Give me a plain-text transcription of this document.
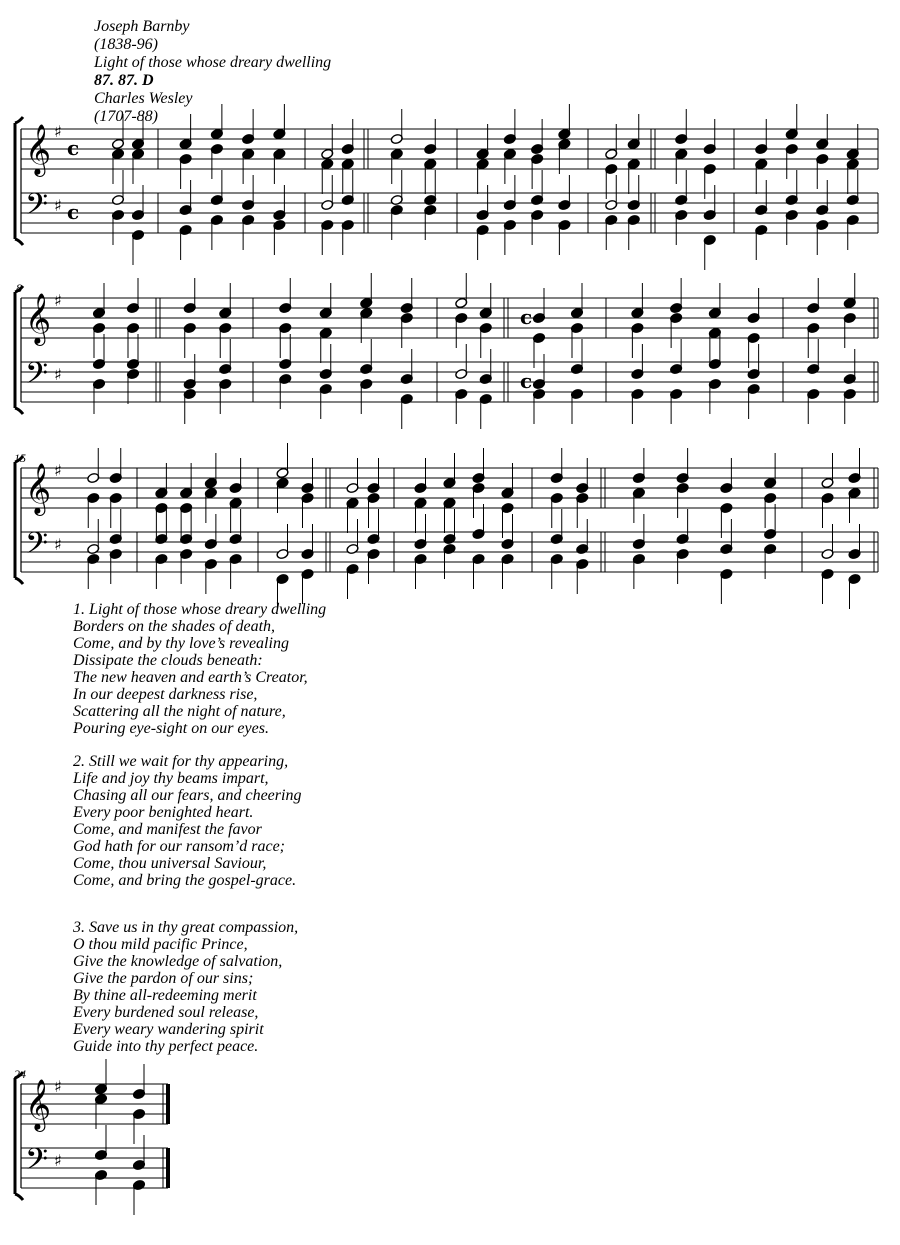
Joseph Barnby
(1838-96)
Light of those whose dreary dwelling
87. 87. D
Charles Wesley
(1707-88)
8
15
24
𝄞
𝄢
♯
♯
c
c
𝄞
𝄢
♯
♯
c
c
𝄞
𝄢
♯
♯
𝄞
𝄢
♯
♯
1. Light of those whose dreary dwelling
Borders on the shades of death,
Come, and by thy love’s revealing
Dissipate the clouds beneath:
The new heaven and earth’s Creator,
In our deepest darkness rise,
Scattering all the night of nature,
Pouring eye-sight on our eyes.
2. Still we wait for thy appearing,
Life and joy thy beams impart,
Chasing all our fears, and cheering
Every poor benighted heart.
Come, and manifest the favor
God hath for our ransom’d race;
Come, thou universal Saviour,
Come, and bring the gospel-grace.
3. Save us in thy great compassion,
O thou mild pacific Prince,
Give the knowledge of salvation,
Give the pardon of our sins;
By thine all-redeeming merit
Every burdened soul release,
Every weary wandering spirit
Guide into thy perfect peace.
